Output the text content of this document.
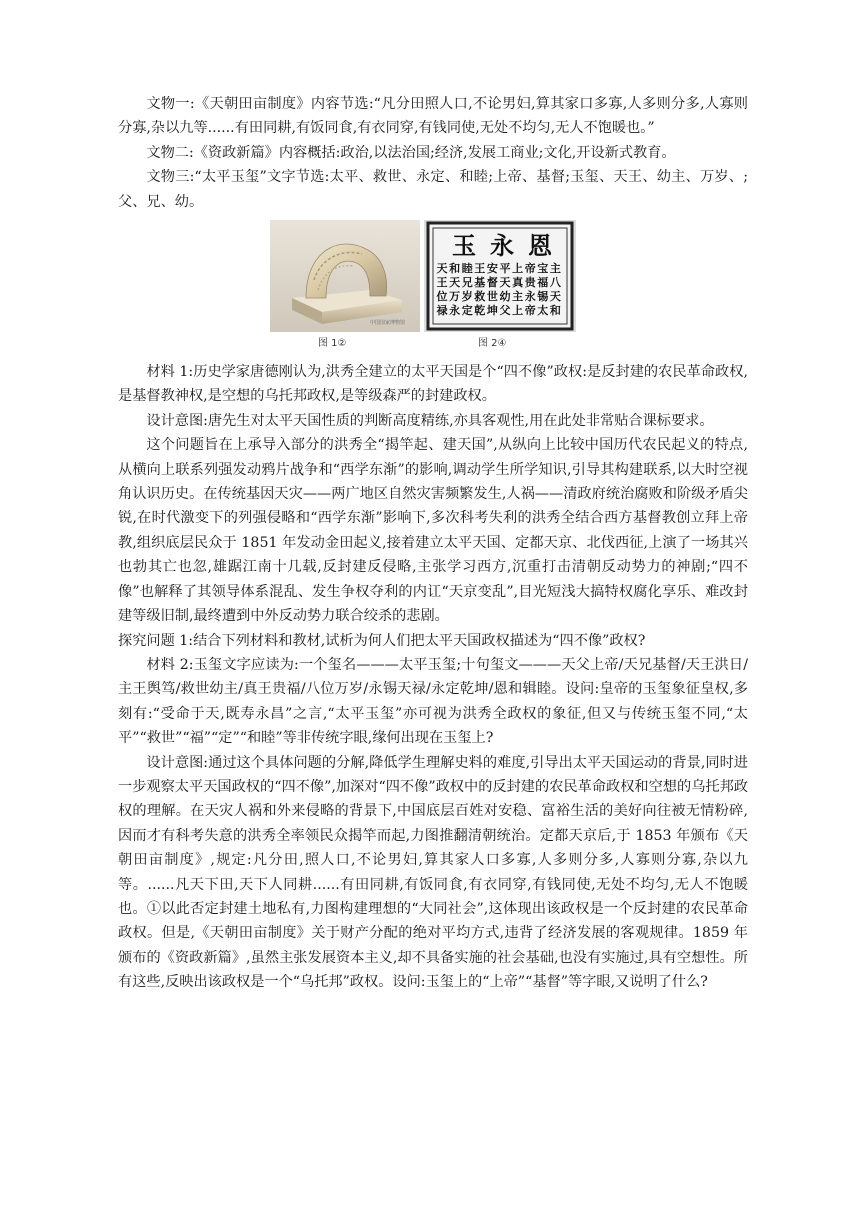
文物一:《天朝田亩制度》内容节选:“凡分田照人口,不论男妇,算其家口多寡,人多则分多,人寡则分寡,杂以九等......有田同耕,有饭同食,有衣同穿,有钱同使,无处不均匀,无人不饱暖也。”

文物二:《资政新篇》内容概括:政治,以法治国;经济,发展工商业;文化,开设新式教育。

文物三:“太平玉玺”文字节选:太平、救世、永定、和睦;上帝、基督;玉玺、天王、幼主、万岁、;父、兄、幼。

中国国家博物馆
玉 永 恩
天 和 睦 王 安 平 上 帝 宝 主
王 天 兄 基 督 天 真 贵 福 八
位 万 岁 救 世 幼 主 永 锡 天
禄 永 定 乾 坤 父 上 帝 太 和
图 1②	图 2④

材料 1:历史学家唐德刚认为,洪秀全建立的太平天国是个“四不像”政权:是反封建的农民革命政权,是基督教神权,是空想的乌托邦政权,是等级森严的封建政权。

设计意图:唐先生对太平天国性质的判断高度精练,亦具客观性,用在此处非常贴合课标要求。

这个问题旨在上承导入部分的洪秀全“揭竿起、建天国”,从纵向上比较中国历代农民起义的特点,从横向上联系列强发动鸦片战争和“西学东渐”的影响,调动学生所学知识,引导其构建联系,以大时空视角认识历史。在传统基因天灾——两广地区自然灾害频繁发生,人祸——清政府统治腐败和阶级矛盾尖锐,在时代激变下的列强侵略和“西学东渐”影响下,多次科考失利的洪秀全结合西方基督教创立拜上帝教,组织底层民众于 1851 年发动金田起义,接着建立太平天国、定都天京、北伐西征,上演了一场其兴也勃其亡也忽,雄踞江南十几载,反封建反侵略,主张学习西方,沉重打击清朝反动势力的神剧;“四不像”也解释了其领导体系混乱、发生争权夺利的内讧“天京变乱”,目光短浅大搞特权腐化享乐、难改封建等级旧制,最终遭到中外反动势力联合绞杀的悲剧。

探究问题 1:结合下列材料和教材,试析为何人们把太平天国政权描述为“四不像”政权?

材料 2:玉玺文字应读为:一个玺名———太平玉玺;十句玺文———天父上帝/天兄基督/天王洪日/主王舆笃/救世幼主/真王贵福/八位万岁/永锡天禄/永定乾坤/恩和辑睦。设问:皇帝的玉玺象征皇权,多刻有:“受命于天,既寿永昌”之言,“太平玉玺”亦可视为洪秀全政权的象征,但又与传统玉玺不同,“太平”“救世”“福”“定”“和睦”等非传统字眼,缘何出现在玉玺上?

设计意图:通过这个具体问题的分解,降低学生理解史料的难度,引导出太平天国运动的背景,同时进一步观察太平天国政权的“四不像”,加深对“四不像”政权中的反封建的农民革命政权和空想的乌托邦政权的理解。在天灾人祸和外来侵略的背景下,中国底层百姓对安稳、富裕生活的美好向往被无情粉碎,因而才有科考失意的洪秀全率领民众揭竿而起,力图推翻清朝统治。定都天京后,于 1853 年颁布《天朝田亩制度》,规定:凡分田,照人口,不论男妇,算其家人口多寡,人多则分多,人寡则分寡,杂以九等。......凡天下田,天下人同耕......有田同耕,有饭同食,有衣同穿,有钱同使,无处不均匀,无人不饱暖也。①以此否定封建土地私有,力图构建理想的“大同社会”,这体现出该政权是一个反封建的农民革命政权。但是,《天朝田亩制度》关于财产分配的绝对平均方式,违背了经济发展的客观规律。1859 年颁布的《资政新篇》,虽然主张发展资本主义,却不具备实施的社会基础,也没有实施过,具有空想性。所有这些,反映出该政权是一个“乌托邦”政权。设问:玉玺上的“上帝”“基督”等字眼,又说明了什么?
